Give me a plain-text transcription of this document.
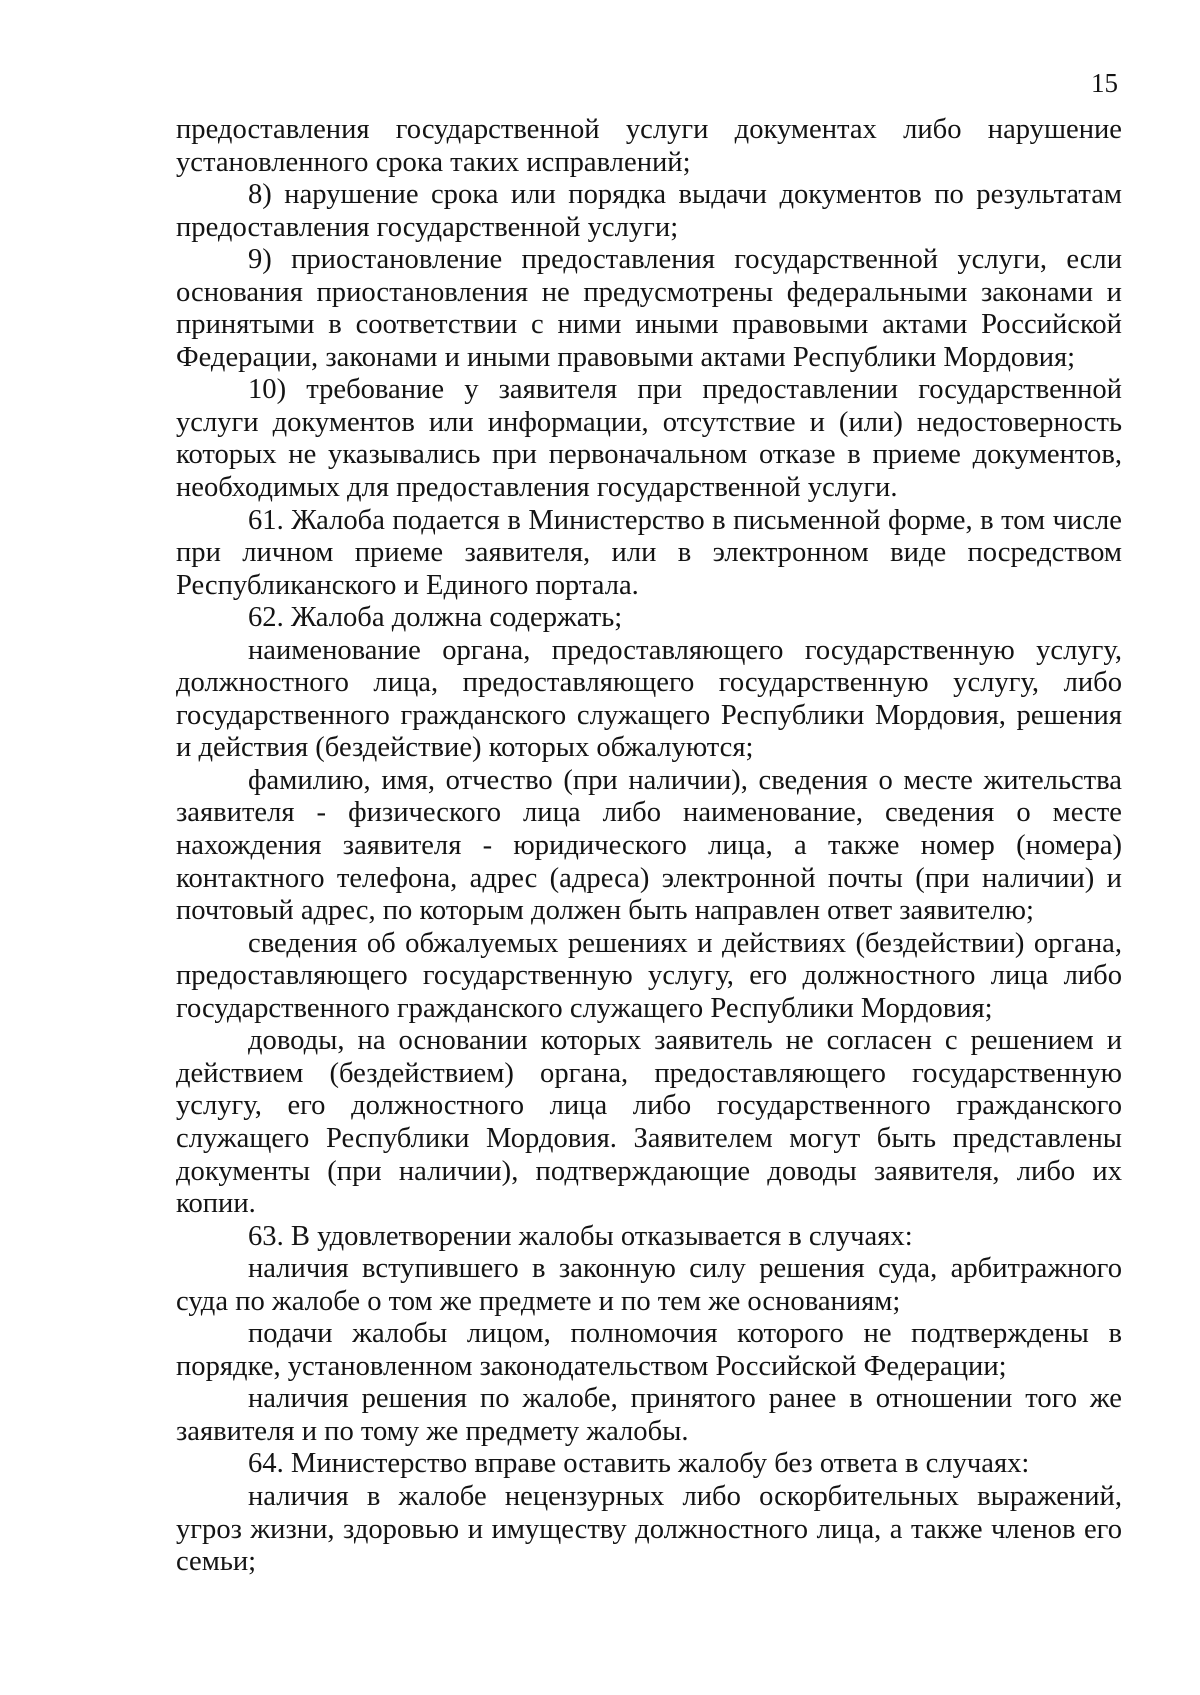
15

предоставления государственной услуги документах либо нарушение установленного срока таких исправлений;

8) нарушение срока или порядка выдачи документов по результатам предоставления государственной услуги;

9) приостановление предоставления государственной услуги, если основания приостановления не предусмотрены федеральными законами и принятыми в соответствии с ними иными правовыми актами Российской Федерации, законами и иными правовыми актами Республики Мордовия;

10) требование у заявителя при предоставлении государственной услуги документов или информации, отсутствие и (или) недостоверность которых не указывались при первоначальном отказе в приеме документов, необходимых для предоставления государственной услуги.

61. Жалоба подается в Министерство в письменной форме, в том числе при личном приеме заявителя, или в электронном виде посредством Республиканского и Единого портала.

62. Жалоба должна содержать;

наименование органа, предоставляющего государственную услугу, должностного лица, предоставляющего государственную услугу, либо государственного гражданского служащего Республики Мордовия, решения и действия (бездействие) которых обжалуются;

фамилию, имя, отчество (при наличии), сведения о месте жительства заявителя - физического лица либо наименование, сведения о месте нахождения заявителя - юридического лица, а также номер (номера) контактного телефона, адрес (адреса) электронной почты (при наличии) и почтовый адрес, по которым должен быть направлен ответ заявителю;

сведения об обжалуемых решениях и действиях (бездействии) органа, предоставляющего государственную услугу, его должностного лица либо государственного гражданского служащего Республики Мордовия;

доводы, на основании которых заявитель не согласен с решением и действием (бездействием) органа, предоставляющего государственную услугу, его должностного лица либо государственного гражданского служащего Республики Мордовия. Заявителем могут быть представлены документы (при наличии), подтверждающие доводы заявителя, либо их копии.

63. В удовлетворении жалобы отказывается в случаях:

наличия вступившего в законную силу решения суда, арбитражного суда по жалобе о том же предмете и по тем же основаниям;

подачи жалобы лицом, полномочия которого не подтверждены в порядке, установленном законодательством Российской Федерации;

наличия решения по жалобе, принятого ранее в отношении того же заявителя и по тому же предмету жалобы.

64. Министерство вправе оставить жалобу без ответа в случаях:

наличия в жалобе нецензурных либо оскорбительных выражений, угроз жизни, здоровью и имуществу должностного лица, а также членов его семьи;
